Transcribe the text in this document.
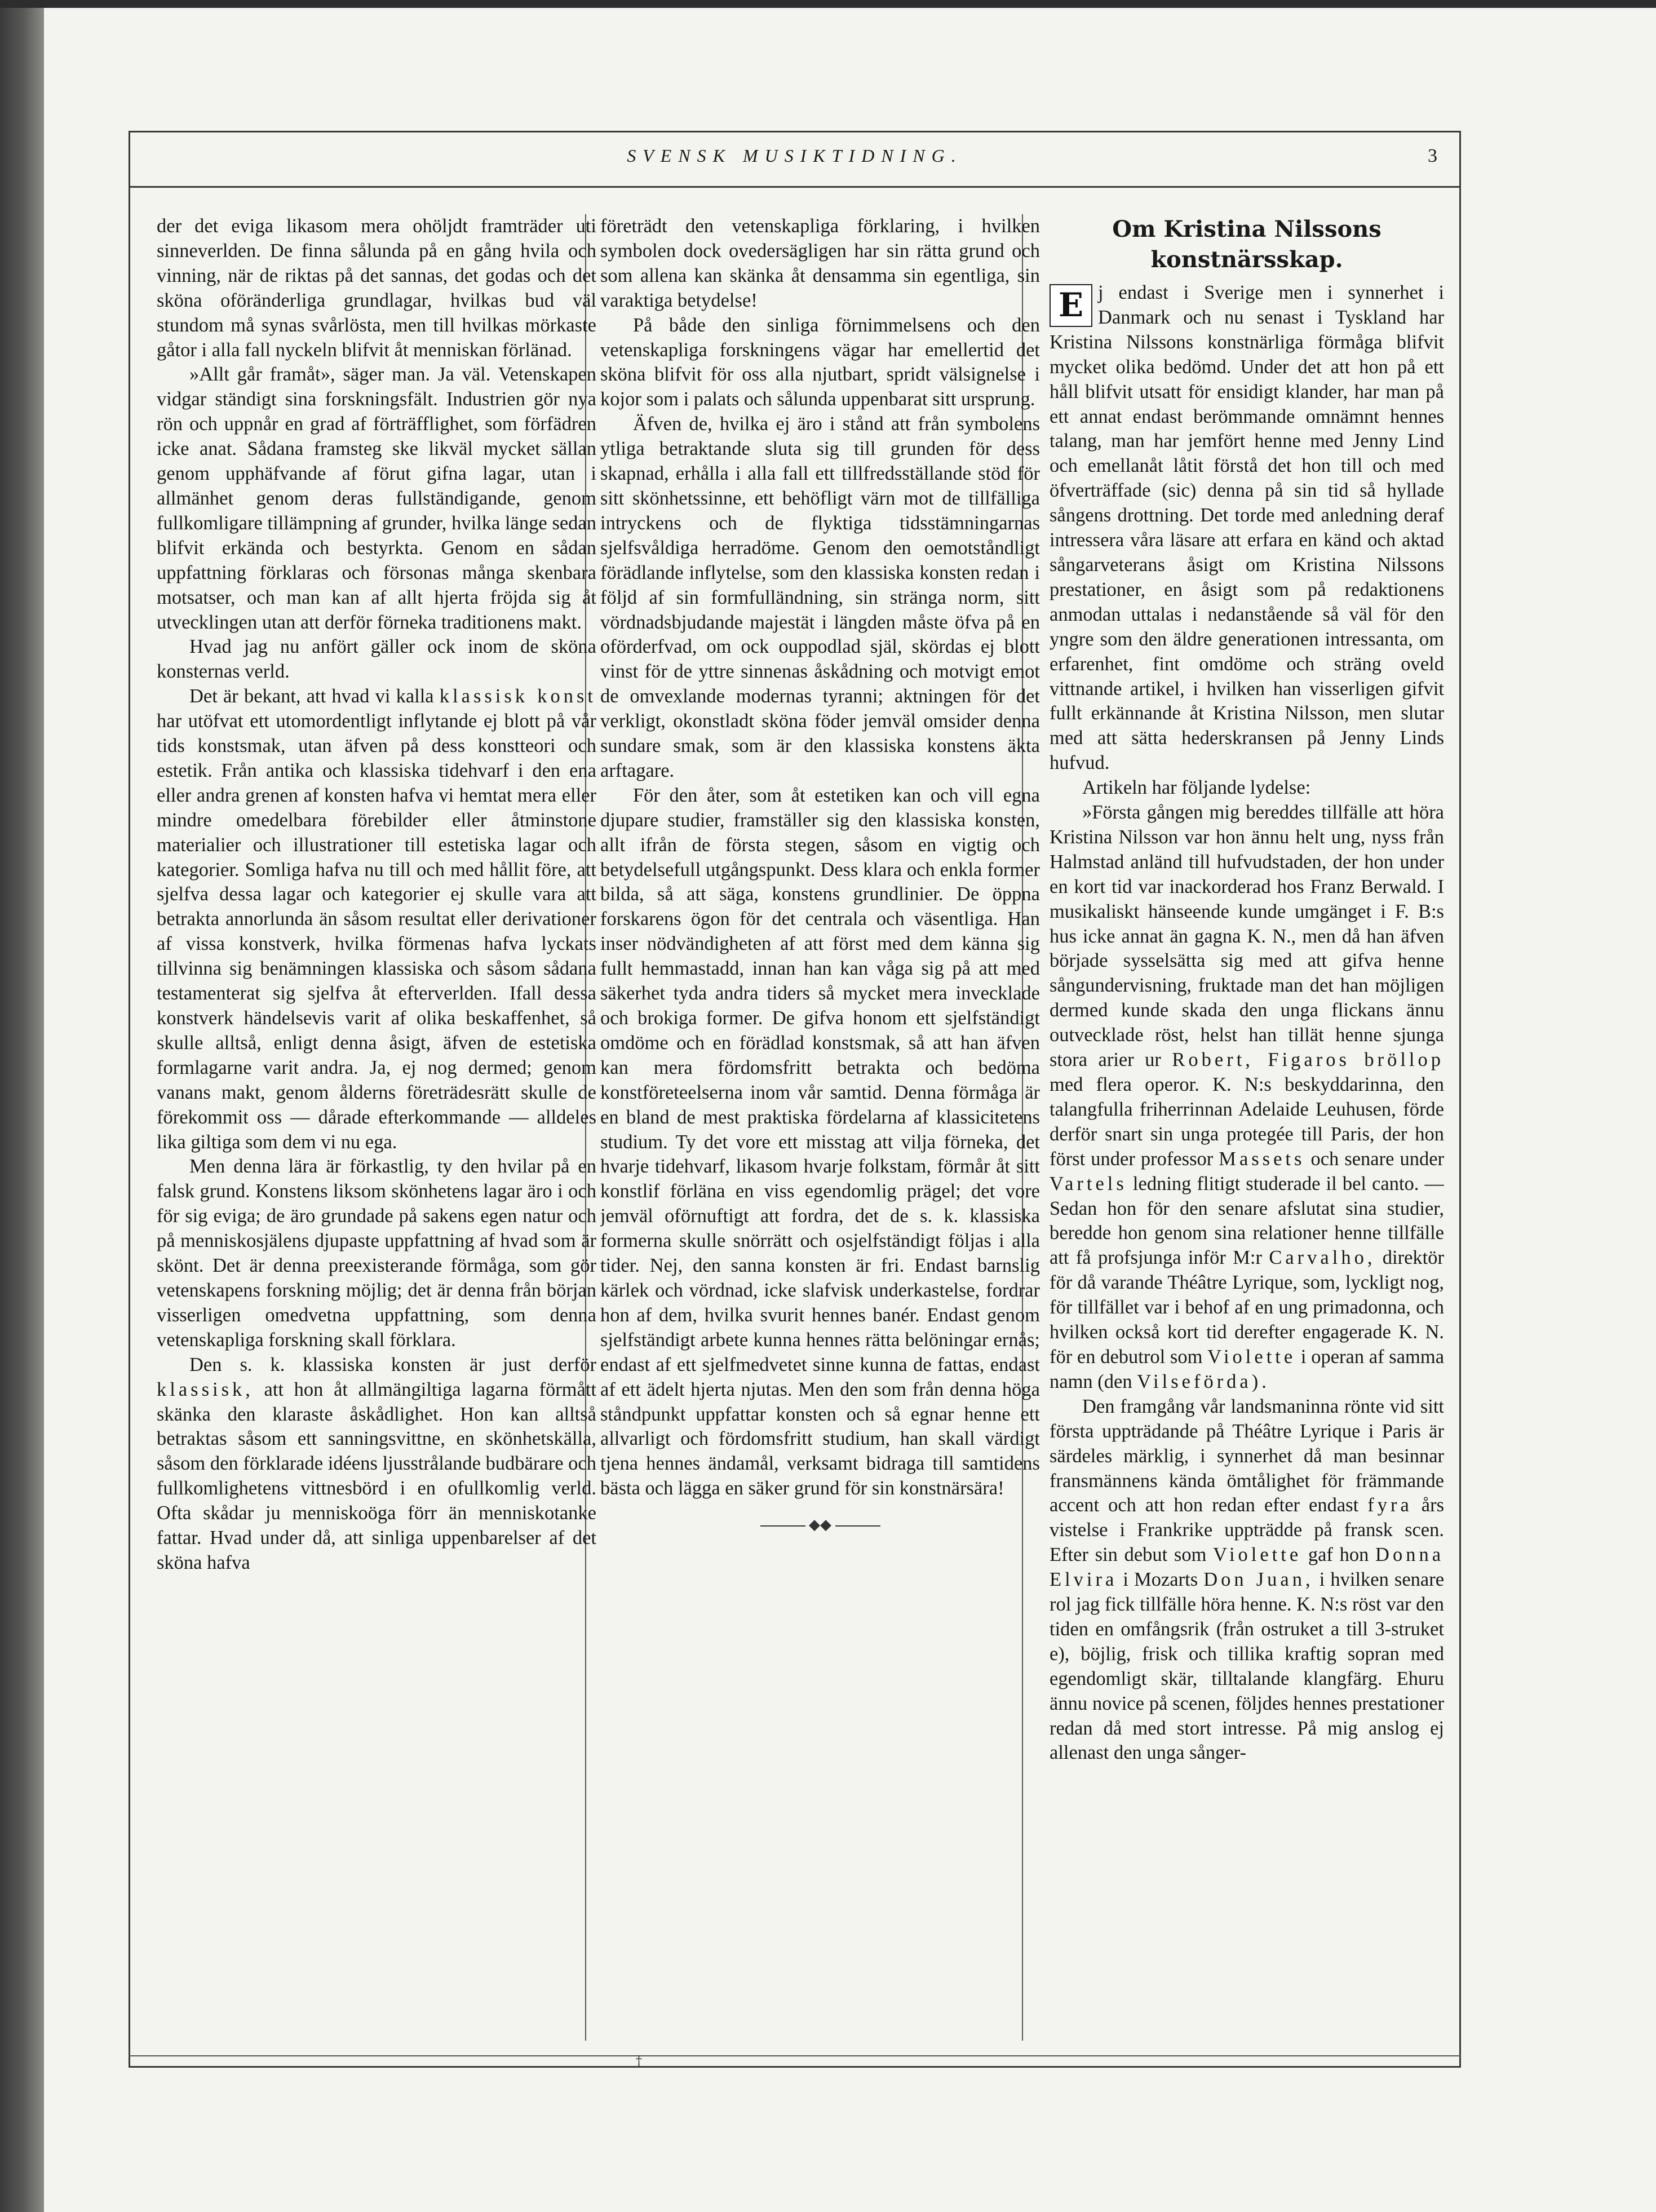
SVENSK MUSIKTIDNING.	3

der det eviga likasom mera ohöljdt framträder uti sinneverlden. De finna sålunda på en gång hvila och vinning, när de riktas på det sannas, det godas och det sköna oföränderliga grundlagar, hvilkas bud väl stundom må synas svårlösta, men till hvilkas mörkaste gåtor i alla fall nyckeln blifvit åt menniskan förlänad.

»Allt går framåt», säger man. Ja väl. Vetenskapen vidgar ständigt sina forskningsfält. Industrien gör nya rön och uppnår en grad af förträfflighet, som förfädren icke anat. Sådana framsteg ske likväl mycket sällan genom upphäfvande af förut gifna lagar, utan i allmänhet genom deras fullständigande, genom fullkomligare tillämpning af grunder, hvilka länge sedan blifvit erkända och bestyrkta. Genom en sådan uppfattning förklaras och försonas många skenbara motsatser, och man kan af allt hjerta fröjda sig åt utvecklingen utan att derför förneka traditionens makt.

Hvad jag nu anfört gäller ock inom de sköna konsternas verld.

Det är bekant, att hvad vi kalla klassisk konst har utöfvat ett utomordentligt inflytande ej blott på vår tids konstsmak, utan äfven på dess konstteori och estetik. Från antika och klassiska tidehvarf i den ena eller andra grenen af konsten hafva vi hemtat mera eller mindre omedelbara förebilder eller åtminstone materialier och illustrationer till estetiska lagar och kategorier. Somliga hafva nu till och med hållit före, att sjelfva dessa lagar och kategorier ej skulle vara att betrakta annorlunda än såsom resultat eller derivationer af vissa konstverk, hvilka förmenas hafva lyckats tillvinna sig benämningen klassiska och såsom sådana testamenterat sig sjelfva åt efterverlden. Ifall dessa konstverk händelsevis varit af olika beskaffenhet, så skulle alltså, enligt denna åsigt, äfven de estetiska formlagarne varit andra. Ja, ej nog dermed; genom vanans makt, genom ålderns företrädesrätt skulle de förekommit oss — dårade efterkommande — alldeles lika giltiga som dem vi nu ega.

Men denna lära är förkastlig, ty den hvilar på en falsk grund. Konstens liksom skönhetens lagar äro i och för sig eviga; de äro grundade på sakens egen natur och på menniskosjälens djupaste uppfattning af hvad som är skönt. Det är denna preexisterande förmåga, som gör vetenskapens forskning möjlig; det är denna från början visserligen omedvetna uppfattning, som denna vetenskapliga forskning skall förklara.

Den s. k. klassiska konsten är just derför klassisk, att hon åt allmängiltiga lagarna förmått skänka den klaraste åskådlighet. Hon kan alltså betraktas såsom ett sanningsvittne, en skönhetskälla, såsom den förklarade idéens ljusstrålande budbärare och fullkomlighetens vittnesbörd i en ofullkomlig verld. Ofta skådar ju menniskoöga förr än menniskotanke fattar. Hvad under då, att sinliga uppenbarelser af det sköna hafva

företrädt den vetenskapliga förklaring, i hvilken symbolen dock ovedersägligen har sin rätta grund och som allena kan skänka åt densamma sin egentliga, sin varaktiga betydelse!

På både den sinliga förnimmelsens och den vetenskapliga forskningens vägar har emellertid det sköna blifvit för oss alla njutbart, spridt välsignelse i kojor som i palats och sålunda uppenbarat sitt ursprung.

Äfven de, hvilka ej äro i stånd att från symbolens ytliga betraktande sluta sig till grunden för dess skapnad, erhålla i alla fall ett tillfredsställande stöd för sitt skönhetssinne, ett behöfligt värn mot de tillfälliga intryckens och de flyktiga tidsstämningarnas sjelfsvåldiga herradöme. Genom den oemotståndligt förädlande inflytelse, som den klassiska konsten redan i följd af sin formfulländning, sin stränga norm, sitt vördnadsbjudande majestät i längden måste öfva på en oförderfvad, om ock ouppodlad själ, skördas ej blott vinst för de yttre sinnenas åskådning och motvigt emot de omvexlande modernas tyranni; aktningen för det verkligt, okonstladt sköna föder jemväl omsider denna sundare smak, som är den klassiska konstens äkta arftagare.

För den åter, som åt estetiken kan och vill egna djupare studier, framställer sig den klassiska konsten, allt ifrån de första stegen, såsom en vigtig och betydelsefull utgångspunkt. Dess klara och enkla former bilda, så att säga, konstens grundlinier. De öppna forskarens ögon för det centrala och väsentliga. Han inser nödvändigheten af att först med dem känna sig fullt hemmastadd, innan han kan våga sig på att med säkerhet tyda andra tiders så mycket mera invecklade och brokiga former. De gifva honom ett sjelfständigt omdöme och en förädlad konstsmak, så att han äfven kan mera fördomsfritt betrakta och bedöma konstföreteelserna inom vår samtid. Denna förmåga är en bland de mest praktiska fördelarna af klassicitetens studium. Ty det vore ett misstag att vilja förneka, det hvarje tidehvarf, likasom hvarje folkstam, förmår åt sitt konstlif förläna en viss egendomlig prägel; det vore jemväl oförnuftigt att fordra, det de s. k. klassiska formerna skulle snörrätt och osjelfständigt följas i alla tider. Nej, den sanna konsten är fri. Endast barnslig kärlek och vördnad, icke slafvisk underkastelse, fordrar hon af dem, hvilka svurit hennes banér. Endast genom sjelfständigt arbete kunna hennes rätta belöningar ernås; endast af ett sjelfmedvetet sinne kunna de fattas, endast af ett ädelt hjerta njutas. Men den som från denna höga ståndpunkt uppfattar konsten och så egnar henne ett allvarligt och fördomsfritt studium, han skall värdigt tjena hennes ändamål, verksamt bidraga till samtidens bästa och lägga en säker grund för sin konstnärsära!

◆◆

Om Kristina Nilssons
konstnärsskap.

E j endast i Sverige men i synnerhet i Danmark och nu senast i Tyskland har Kristina Nilssons konstnärliga förmåga blifvit mycket olika bedömd. Under det att hon på ett håll blifvit utsatt för ensidigt klander, har man på ett annat endast berömmande omnämnt hennes talang, man har jemfört henne med Jenny Lind och emellanåt låtit förstå det hon till och med öfverträffade (sic) denna på sin tid så hyllade sångens drottning. Det torde med anledning deraf intressera våra läsare att erfara en känd och aktad sångarveterans åsigt om Kristina Nilssons prestationer, en åsigt som på redaktionens anmodan uttalas i nedanstående så väl för den yngre som den äldre generationen intressanta, om erfarenhet, fint omdöme och sträng oveld vittnande artikel, i hvilken han visserligen gifvit fullt erkännande åt Kristina Nilsson, men slutar med att sätta hederskransen på Jenny Linds hufvud.

Artikeln har följande lydelse:

»Första gången mig bereddes tillfälle att höra Kristina Nilsson var hon ännu helt ung, nyss från Halmstad anländ till hufvudstaden, der hon under en kort tid var inackorderad hos Franz Berwald. I musikaliskt hänseende kunde umgänget i F. B:s hus icke annat än gagna K. N., men då han äfven började sysselsätta sig med att gifva henne sångundervisning, fruktade man det han möjligen dermed kunde skada den unga flickans ännu outvecklade röst, helst han tillät henne sjunga stora arier ur Robert, Figaros bröllop med flera operor. K. N:s beskyddarinna, den talangfulla friherrinnan Adelaide Leuhusen, förde derför snart sin unga protegée till Paris, der hon först under professor Massets och senare under Vartels ledning flitigt studerade il bel canto. — Sedan hon för den senare afslutat sina studier, beredde hon genom sina relationer henne tillfälle att få profsjunga inför M:r Carvalho, direktör för då varande Théâtre Lyrique, som, lyckligt nog, för tillfället var i behof af en ung primadonna, och hvilken också kort tid derefter engagerade K. N. för en debutrol som Violette i operan af samma namn (den Vilseförda).

Den framgång vår landsmaninna rönte vid sitt första uppträdande på Théâtre Lyrique i Paris är särdeles märklig, i synnerhet då man besinnar fransmännens kända ömtålighet för främmande accent och att hon redan efter endast fyra års vistelse i Frankrike uppträdde på fransk scen. Efter sin debut som Violette gaf hon Donna Elvira i Mozarts Don Juan, i hvilken senare rol jag fick tillfälle höra henne. K. N:s röst var den tiden en omfångsrik (från ostruket a till 3-struket e), böjlig, frisk och tillika kraftig sopran med egendomligt skär, tilltalande klangfärg. Ehuru ännu novice på scenen, följdes hennes prestationer redan då med stort intresse. På mig anslog ej allenast den unga sånger-

†
